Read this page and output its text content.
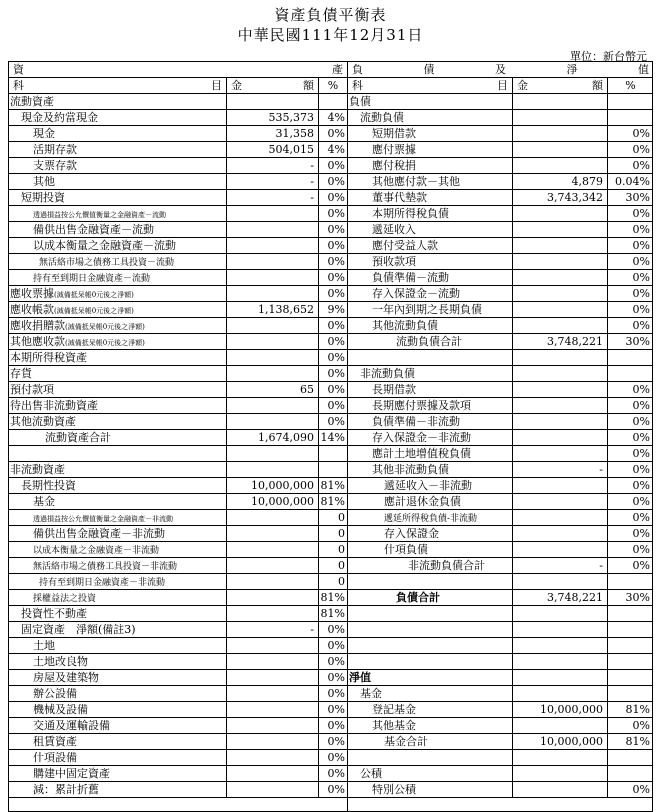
資產負債平衡表
中華民國111年12月31日
單位：新台幣元
資	產
科	目 金	額	%
流動資產
現金及約當現金	535,373	4%
現金	31,358	0%
活期存款	504,015	4%
支票存款	-	0%
其他	-	0%
短期投資	-	0%
透過損益按公允價值衡量之金融資產－流動	0%
備供出售金融資產－流動	0%
以成本衡量之金融資產－流動	0%
無活絡市場之債務工具投資－流動	0%
持有至到期日金融資產－流動	0%
應收票據(減備抵呆帳0元後之淨額)	0%
應收帳款(減備抵呆帳0元後之淨額)	1,138,652	9%
應收捐贈款(減備抵呆帳0元後之淨額)	0%
其他應收款(減備抵呆帳0元後之淨額)	0%
本期所得稅資產	0%
存貨	0%
預付款項	65	0%
待出售非流動資產	0%
其他流動資產	0%
流動資產合計	1,674,090 14%
非流動資產
長期性投資	10,000,000 81%
基金	10,000,000 81%
透過損益按公允價值衡量之金融資產－非流動	0
備供出售金融資產－非流動	0
以成本衡量之金融資產－非流動	0
無活絡市場之債務工具投資－非流動	0
持有至到期日金融資產－非流動	0
採權益法之投資	81%
投資性不動產	81%
固定資產　淨額(備註3)	-	0%
土地	0%
土地改良物	0%
房屋及建築物	0%
辦公設備	0%
機械及設備	0%
交通及運輸設備	0%
租賃資產	0%
什項設備	0%
購建中固定資產	0%
減：累計折舊	0%
負	債	及	淨	值
科	目 金	額	%
負債
流動負債
短期借款	0%
應付票據	0%
應付稅捐	0%
其他應付款－其他	4,879	0.04%
董事代墊款	3,743,342	30%
本期所得稅負債	0%
遞延收入	0%
應付受益人款	0%
預收款項	0%
負債準備－流動	0%
存入保證金－流動	0%
一年內到期之長期負債	0%
其他流動負債	0%
流動負債合計	3,748,221	30%
非流動負債
長期借款	0%
長期應付票據及款項	0%
負債準備－非流動	0%
存入保證金－非流動	0%
應計土地增值稅負債	0%
其他非流動負債	-	0%
遞延收入－非流動	0%
應計退休金負債	0%
遞延所得稅負債-非流動	0%
存入保證金	0%
什項負債	0%
非流動負債合計	-	0%
負債合計	3,748,221	30%
淨值
基金
登記基金	10,000,000	81%
其他基金	0%
基金合計	10,000,000	81%
公積
特別公積	0%
